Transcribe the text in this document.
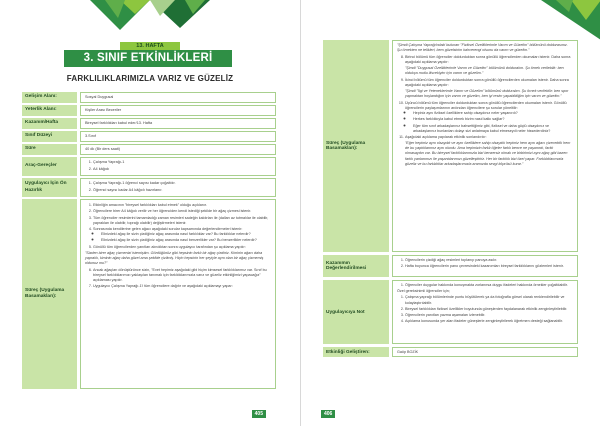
13. HAFTA
3. SINIF ETKİNLİKLERİ
FARKLILIKLARIMIZLA VARIZ VE GÜZELİZ
Gelişim Alanı:	Sosyal Duygusal
Yeterlik Alanı:	Kişiler Arası Beceriler
Kazanım/Hafta	Bireysel farklılıkları kabul eder/13. Hafta
Sınıf Düzeyi	3.Sınıf
Süre	40 dk (Bir ders saati)
Araç-Gereçler
1. Çalışma Yaprağı-1
2. A4 kâğıdı
Uygulayıcı İçin Ön Hazırlık
1. Çalışma Yaprağı-1 öğrenci sayısı kadar çoğaltılır.
2. Öğrenci sayısı kadar A4 kâğıdı hazırlanır.
Süreç (Uygulama Basamakları):
1. Etkinliğin amacının "bireysel farklılıkları kabul etmek" olduğu açıklanır.
2. Öğrencilere birer A4 kâğıdı verilir ve her öğrenciden kendi istediği şekilde bir ağaç çizmesi istenir.
3. Tüm öğrenciler resimlerini tamamladığı zaman resimleri sadeğin kaldırları ile (dalları az tutmalılar ile olabilir, yaprakları ile olabilir, toprağı olabilir) değiştirmeleri istenir.
4. Sonrasında kendilerine gelen ağacı aşağıdaki sorular kapsamında değerlendirmeleri istenir:
◦ Elinizdeki ağaç ile sizin çizdiğiniz ağaç arasında nasıl farklılıklar var? Bu farklılıklar nelerdir?
◦ Elinizdeki ağaç ile sizin çizdiğiniz ağaç arasında nasıl benzerlikler var? Bu benzerlikler nelerdir?
5. Gönüllü tüm öğrencilerden yanıtları alındıktan sonra uygulayıcı tarafından şu açıklama yapılır:

"Sizden birer ağaç çizmenizi istemiştim. Gördüğünüz gibi hepsinin farklı bir ağaç çizdiniz. Kiminin ağacı daha yapraklı, kiminin ağaç daha güzel ama şekilde çizilmiş. Hiçin hepsinin her şeyiyle aynı olan bir ağaç çizmemiş oldunuz mu?"

6. Ancak ağaçları dönüştürünce sizin, "Evet hepimiz aşağıdaki gibi hiçim kimsesel farklılıklarımız var. Sınıf bu bireysel farklılıklarımızı yaklaşılan tanımak için farklılıklarımızla varız ve güzeliz etkinliğimizi yapacağız" açıklaması yapılır.
7. Uygulayıcı Çalışma Yaprağı-1'i tüm öğrencilere dağıtır ve aşağıdaki açıklamayı yapar:
405
Süreç (Uygulama Basamakları):

"Şimdi Çalışma Yaprağı'ndaki bulunan "Fiziksel Özelliklerimle Varım ve Güzelim" bölümünü doldurasınız. Şu örnekten ne telikleri, bem güzelsinim kahverengi olsunu da varım ve güzelim."

8. Birinci bölümü tüm öğrenciler doldurduktan sonra gönüllü öğrencilerden okumaları istenir. Daha sonra aşağıdaki açıklama yapılır:

"Şimdi "Duygusal Özelliklerimle Varım ve Güzelim" bölümünü dolduralım. Şu örnek verilebilir: ben oldukça mutlu ilisceklyim için varım ve güzelim."

9. İkinci bölümü tüm öğrenciler doldurduktan sonra gönüllü öğrencilerden okumaları istenir. Daha sonra aşağıdaki açıklama yapılır:

"Şimdi "İlgi ve Yeteneklerimle Varım ve Güzelim" bölümünü dolduralım. Şu örnek verilebilir: ben spor yapmaktan hoşlandığım için varım ve güzelim, ben iyi resim yapabildiğim için varım ve güzelim."

10. Üçüncü bölümü tüm öğrenciler doldurduktan sonra gönüllü öğrencilerden okumaları istenir. Gönüllü öğrencilerin paylaşımlarının ardından öğrencilere şu sorular yöneltilir:
◦ Hepiniz aynı fiziksel özelliklere sahip olsaydınız neler yaşanırdı?
◦ Herkes farklılıkıyla kabul etmek bizim nasıl katkı sağlar?
◦ Eğer tüm sınıf arkadaşlarınız bahsettiğimiz gibi, fiziksel ve daha güçlü olsaydınız ve arkadaşlarınız bunlardan dolayı sizi anlatmaya kabul etmeseydi neler hissederdiniz?
11. Aşağıdaki açıklama yapılarak etkinlik sonlandırılır:

"Eğer hepimiz aynı olsaydık ve aynı özelliklere sahip olsaydık hepimiz hem aynı ağacı çizecektik hem de bu yaptıklarımız aynı olurdu. Ama hepimizin farklı öğeler farklı bence ne yaşanırdı, farklı olmasaydın var. Bu bireysel farklılıklarımızla bizi benzersiz olmak ve birbirimizi aynı ağaç gibi bazen farklı yanlarımızı ile yaşantılarımızı güzelleştiririz. Her bir farklılık bizi özel yapar. Farklılıklarımızla güzeliz ve bu farklılıklar arkadaşlarımızla aramızda sevgi köprüsü kurar."

Kazanımın Değerlendirilmesi
1. Öğrencilerin çizdiği ağaç resimleri toplanıp panoya asılır.
2. Hafta boyunca öğrencilerin pano çevresindeki kazanımları bireysel farklılıklarını gözlemleri istenir.
Uygulayıcıya Not
1. Öğrenciler duygular hakkında konuşmakta zorlanırsa duygu ifadeleri hakkında örnekler çoğaltılabilir.

Özel gereksinimli öğrenciler için;

1. Çalışma yaprağı bölümlerinde puntu büyütülerek ya da fotoğrafla görsel olarak renklendirilebilir ve kolaylaştırılabilir.
2. Bireysel farklılıkları fiziksel özellikler boyutunda güneşlerden faydalanarak etkinlik zenginleştirilebilir.
3. Öğrencilerin yanıtları yazma aşamaları izlenebilir.
4. Açıklama konusunda yer alan ifadeler güneşlerle zenginleştirilerek öğretmen desteği sağlanabilir.
Etkinliği Geliştiren:	Gaöp BOZİK
406
